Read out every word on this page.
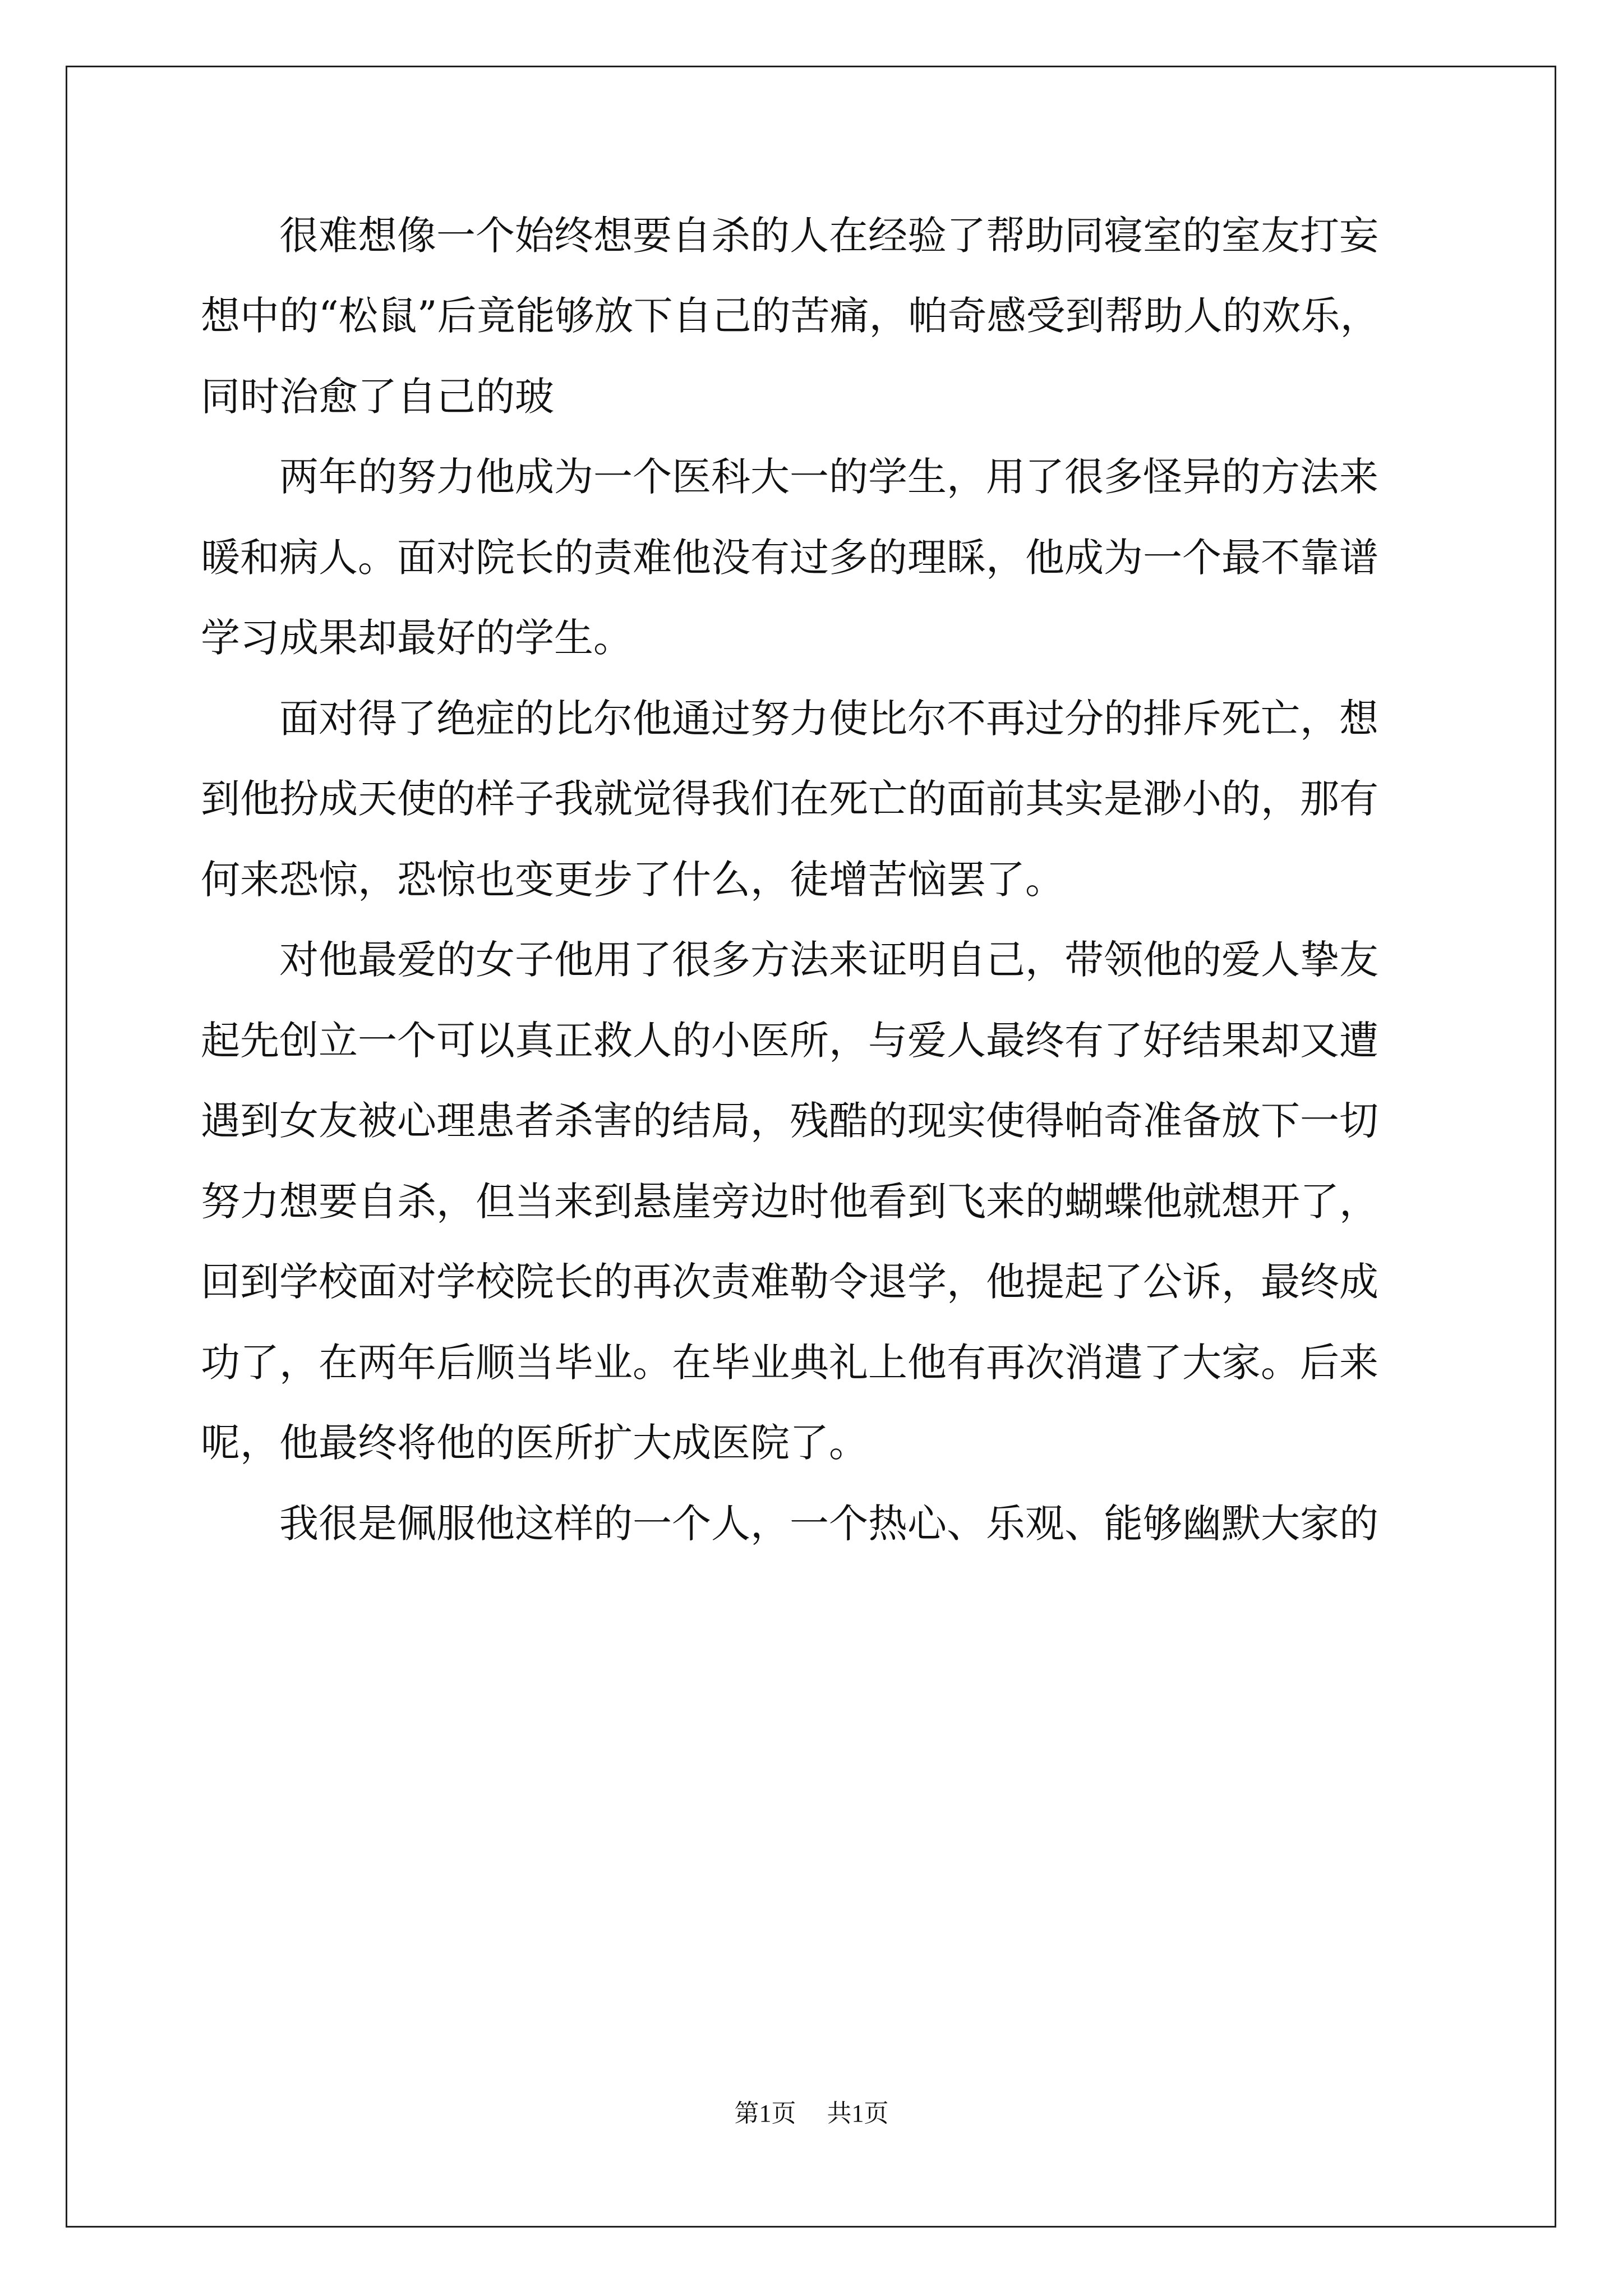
　　很难想像一个始终想要自杀的人在经验了帮助同寝室的室友打妄
想中的“松鼠”后竟能够放下自己的苦痛，帕奇感受到帮助人的欢乐，
同时治愈了自己的玻
　　两年的努力他成为一个医科大一的学生，用了很多怪异的方法来
暖和病人。面对院长的责难他没有过多的理睬，他成为一个最不靠谱
学习成果却最好的学生。
　　面对得了绝症的比尔他通过努力使比尔不再过分的排斥死亡，想
到他扮成天使的样子我就觉得我们在死亡的面前其实是渺小的，那有
何来恐惊，恐惊也变更步了什么，徒增苦恼罢了。
　　对他最爱的女子他用了很多方法来证明自己，带领他的爱人挚友
起先创立一个可以真正救人的小医所，与爱人最终有了好结果却又遭
遇到女友被心理患者杀害的结局，残酷的现实使得帕奇准备放下一切
努力想要自杀，但当来到悬崖旁边时他看到飞来的蝴蝶他就想开了，
回到学校面对学校院长的再次责难勒令退学，他提起了公诉，最终成
功了，在两年后顺当毕业。在毕业典礼上他有再次消遣了大家。后来
呢，他最终将他的医所扩大成医院了。
　　我很是佩服他这样的一个人，一个热心、乐观、能够幽默大家的
第1页 共1页
